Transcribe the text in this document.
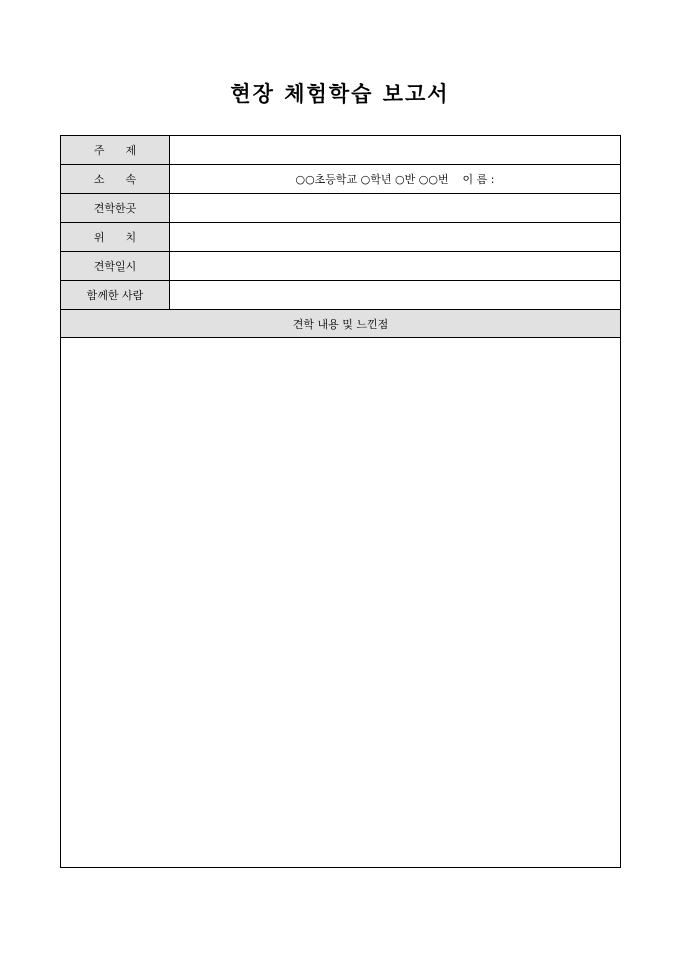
현장 체험학습 보고서
주      제
소      속	○○초등학교 ○학년 ○반 ○○번    이 름 :
견학한곳
위      치
견학일시
함께한 사람
견학 내용 및 느낀점
